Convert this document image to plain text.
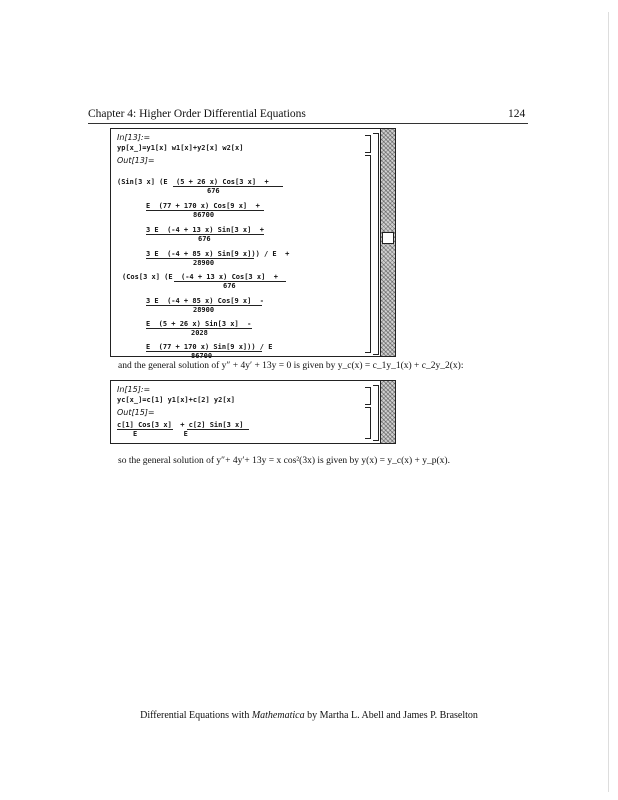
Chapter 4: Higher Order Differential Equations	124
In[13]:=
yp[x_]=y1[x] w1[x]+y2[x] w2[x]
Out[13]=
(Sin[3 x] (E  (5 + 26 x) Cos[3 x]  +
676
E  (77 + 170 x) Cos[9 x]  +
86700
3 E  (-4 + 13 x) Sin[3 x]  +
676
3 E  (-4 + 85 x) Sin[9 x])) / E  +
28900
(Cos[3 x] (E  (-4 + 13 x) Cos[3 x]  +
676
3 E  (-4 + 85 x) Cos[9 x]  -
28900
E  (5 + 26 x) Sin[3 x]  -
2028
E  (77 + 170 x) Sin[9 x])) / E
86700
and the general solution of y″ + 4y′ + 13y = 0 is given by y_c(x) = c_1y_1(x) + c_2y_2(x):
In[15]:=
yc[x_]=c[1] y1[x]+c[2] y2[x]
Out[15]=
c[1] Cos[3 x]  + c[2] Sin[3 x]
E           E
so the general solution of y″+ 4y′+ 13y = x cos²(3x) is given by y(x) = y_c(x) + y_p(x).
Differential Equations with Mathematica by Martha L. Abell and James P. Braselton
